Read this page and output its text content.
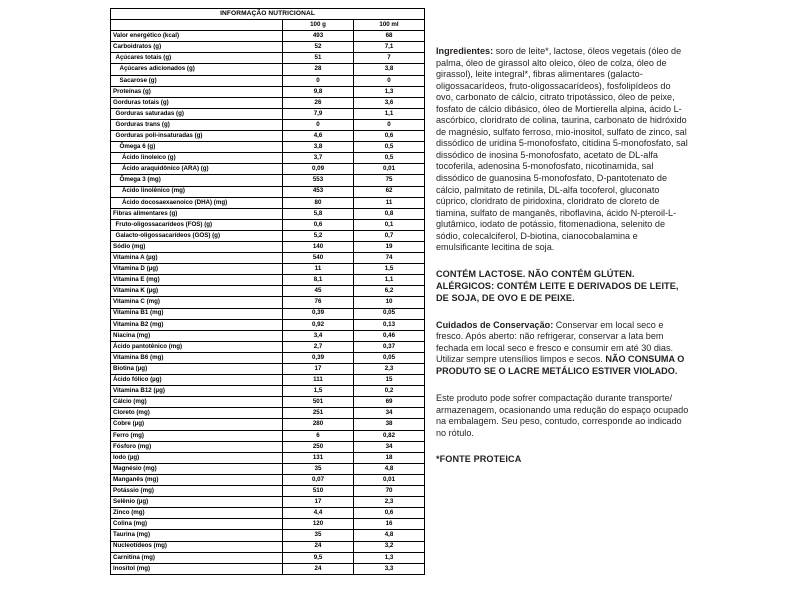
INFORMAÇÃO NUTRICIONAL		
	100 g	100 ml
Valor energético (kcal)	493	68
Carboidratos (g)	52	7,1
Açúcares totais (g)	51	7
Açúcares adicionados (g)	28	3,8
Sacarose (g)	0	0
Proteínas (g)	9,8	1,3
Gorduras totais (g)	26	3,6
Gorduras saturadas (g)	7,9	1,1
Gorduras trans (g)	0	0
Gorduras poli-insaturadas (g)	4,6	0,6
Ômega 6 (g)	3,8	0,5
Ácido linoleico (g)	3,7	0,5
Ácido araquidônico (ARA) (g)	0,09	0,01
Ômega 3 (mg)	553	75
Ácido linolênico (mg)	453	62
Ácido docosaexaenoico (DHA) (mg)	80	11
Fibras alimentares (g)	5,8	0,8
Fruto-oligossacarídeos (FOS) (g)	0,6	0,1
Galacto-oligossacarídeos (GOS) (g)	5,2	0,7
Sódio (mg)	140	19
Vitamina A (µg)	540	74
Vitamina D (µg)	11	1,5
Vitamina E (mg)	8,1	1,1
Vitamina K (µg)	45	6,2
Vitamina C (mg)	76	10
Vitamina B1 (mg)	0,39	0,05
Vitamina B2 (mg)	0,92	0,13
Niacina (mg)	3,4	0,46
Ácido pantotênico (mg)	2,7	0,37
Vitamina B6 (mg)	0,39	0,05
Biotina (µg)	17	2,3
Ácido fólico (µg)	111	15
Vitamina B12 (µg)	1,5	0,2
Cálcio (mg)	501	69
Cloreto (mg)	251	34
Cobre (µg)	280	38
Ferro (mg)	6	0,82
Fósforo (mg)	250	34
Iodo (µg)	131	18
Magnésio (mg)	35	4,8
Manganês (mg)	0,07	0,01
Potássio (mg)	510	70
Selênio (µg)	17	2,3
Zinco (mg)	4,4	0,6
Colina (mg)	120	16
Taurina (mg)	35	4,8
Nucleotídeos (mg)	24	3,2
Carnitina (mg)	9,5	1,3
Inositol (mg)	24	3,3

Ingredientes: soro de leite*, lactose, óleos vegetais (óleo de palma, óleo de girassol alto oleico, óleo de colza, óleo de girassol), leite integral*, fibras alimentares (galacto-oligossacarídeos, fruto-oligossacarídeos), fosfolipídeos do ovo, carbonato de cálcio, citrato tripotássico, óleo de peixe, fosfato de cálcio dibásico, óleo de Mortierella alpina, ácido L-ascórbico, cloridrato de colina, taurina, carbonato de hidróxido de magnésio, sulfato ferroso, mio-inositol, sulfato de zinco, sal dissódico de uridina 5-monofosfato, citidina 5-monofosfato, sal dissódico de inosina 5-monofosfato, acetato de DL-alfa tocoferila, adenosina 5-monofosfato, nicotinamida, sal dissódico de guanosina 5-monofosfato, D-pantotenato de cálcio, palmitato de retinila, DL-alfa tocoferol, gluconato cúprico, cloridrato de piridoxina, cloridrato de cloreto de tiamina, sulfato de manganês, riboflavina, ácido N-pteroil-L-glutâmico, iodato de potássio, fitomenadiona, selenito de sódio, colecalciferol, D-biotina, cianocobalamina e emulsificante lecitina de soja.

CONTÉM LACTOSE. NÃO CONTÉM GLÚTEN. ALÉRGICOS: CONTÉM LEITE E DERIVADOS DE LEITE, DE SOJA, DE OVO E DE PEIXE.

Cuidados de Conservação: Conservar em local seco e fresco. Após aberto: não refrigerar, conservar a lata bem fechada em local seco e fresco e consumir em até 30 dias. Utilizar sempre utensílios limpos e secos. NÃO CONSUMA O PRODUTO SE O LACRE METÁLICO ESTIVER VIOLADO.

Este produto pode sofrer compactação durante transporte/ armazenagem, ocasionando uma redução do espaço ocupado na embalagem. Seu peso, contudo, corresponde ao indicado no rótulo.

*FONTE PROTEICA
